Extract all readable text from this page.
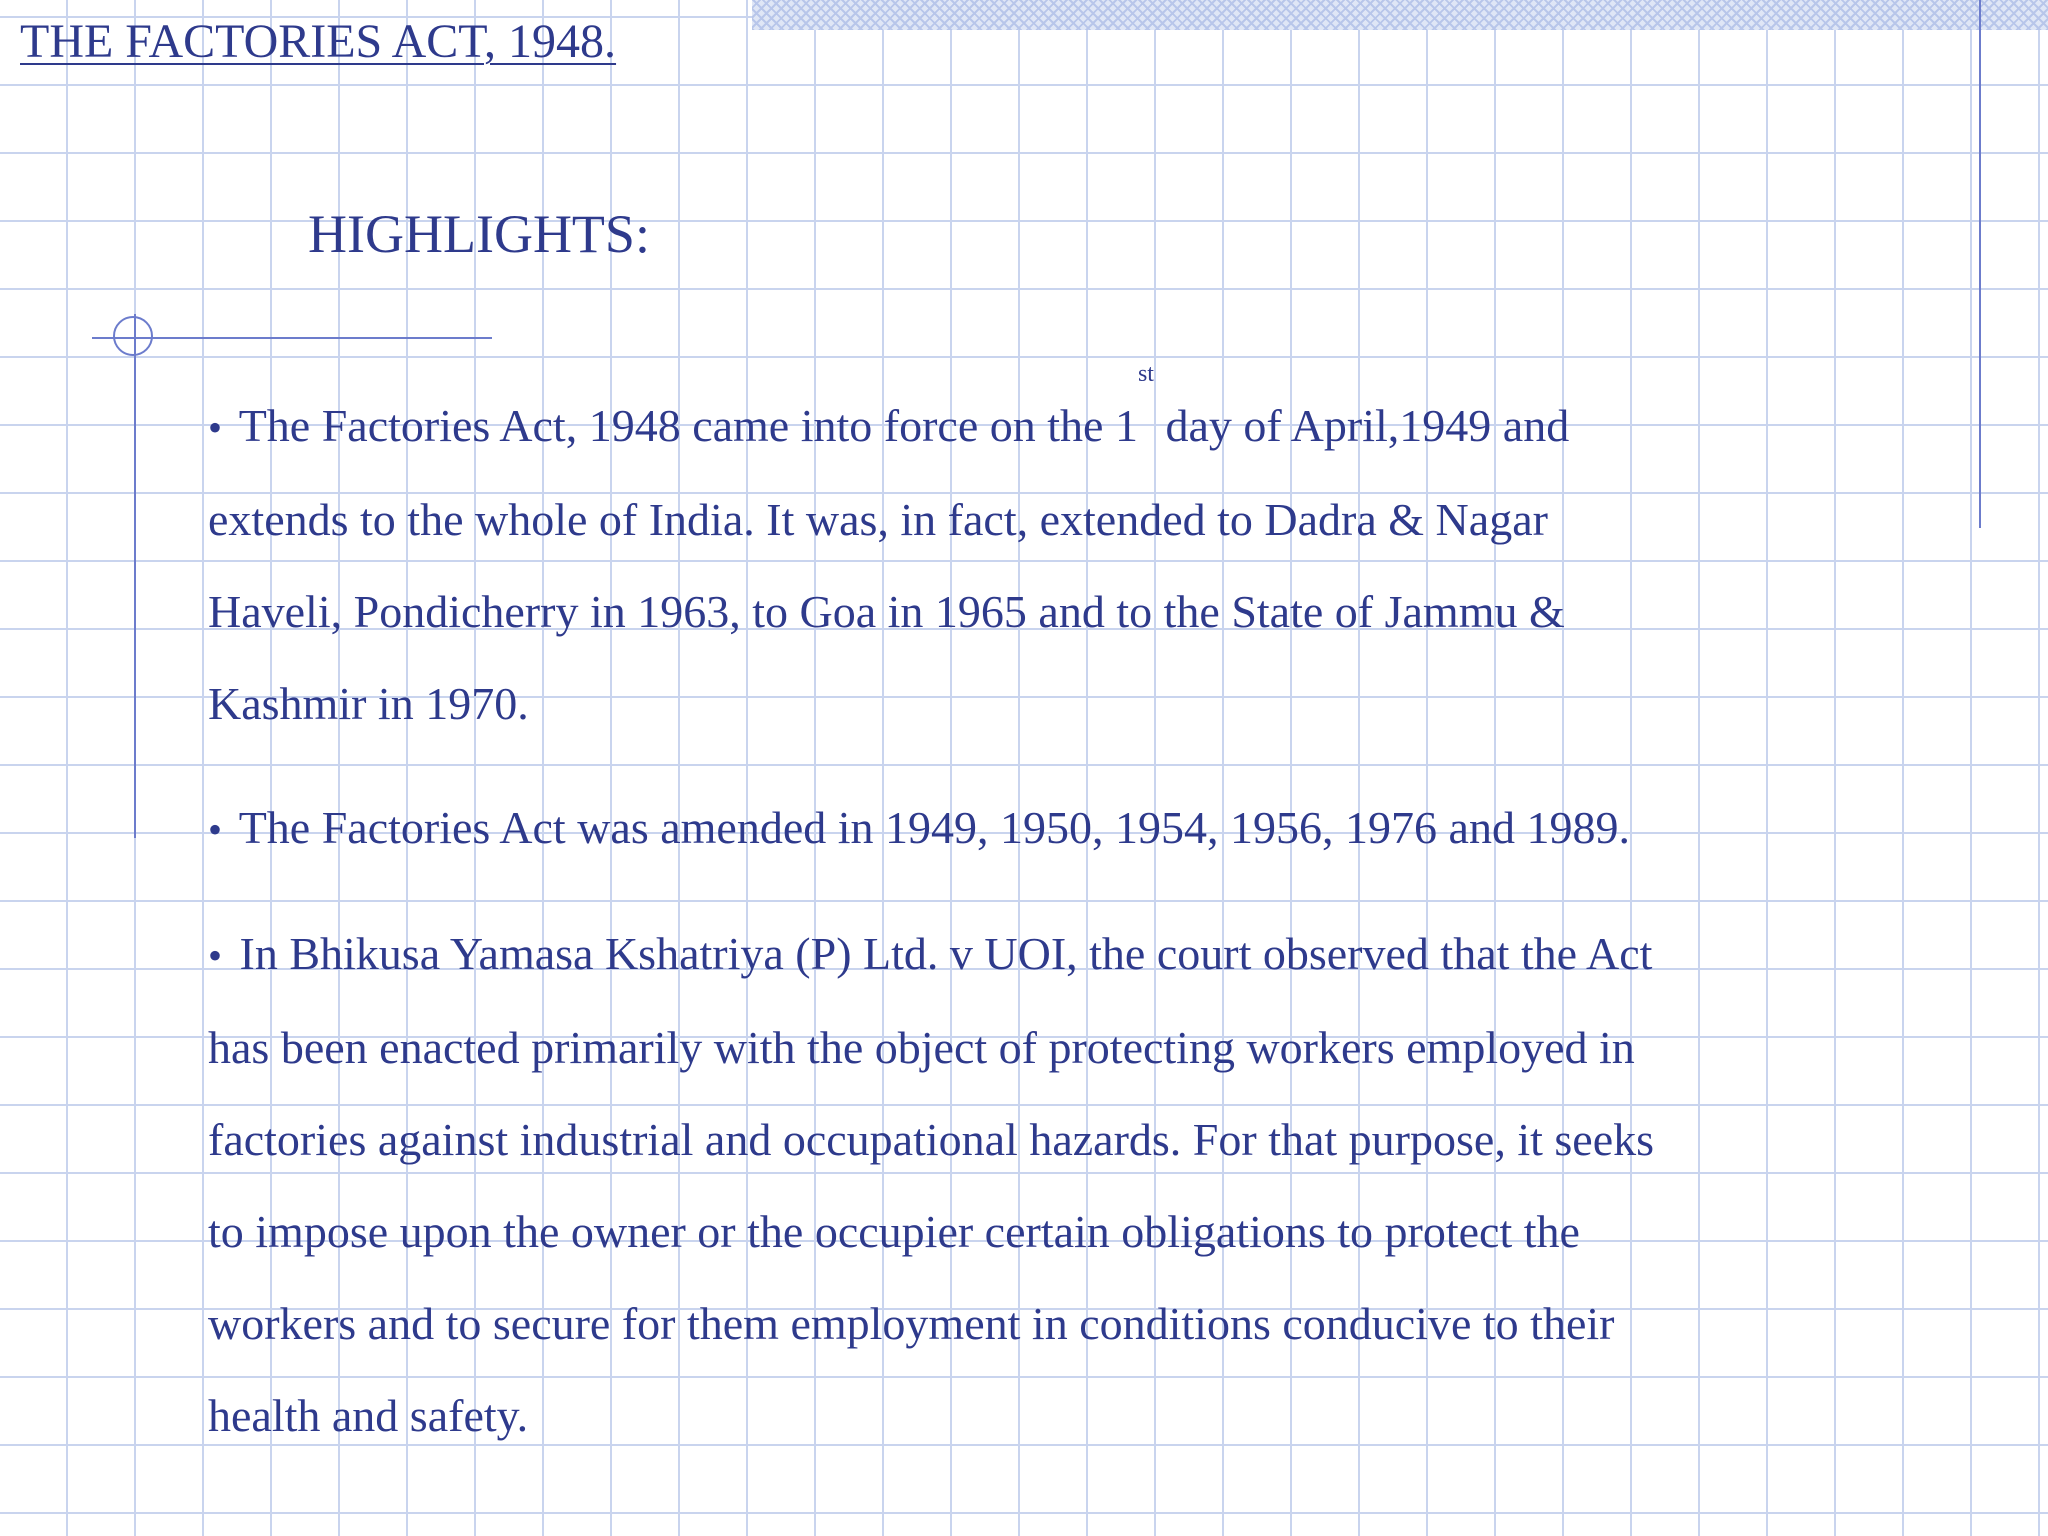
THE FACTORIES ACT, 1948.
HIGHLIGHTS:
• The Factories Act, 1948 came into force on the 1st day of April,1949 and
extends to the whole of India. It was, in fact, extended to Dadra & Nagar
Haveli, Pondicherry in 1963, to Goa in 1965 and to the State of Jammu &
Kashmir in 1970.
• The Factories Act was amended in 1949, 1950, 1954, 1956, 1976 and 1989.
• In Bhikusa Yamasa Kshatriya (P) Ltd. v UOI, the court observed that the Act
has been enacted primarily with the object of protecting workers employed in
factories against industrial and occupational hazards. For that purpose, it seeks
to impose upon the owner or the occupier certain obligations to protect the
workers and to secure for them employment in conditions conducive to their
health and safety.
